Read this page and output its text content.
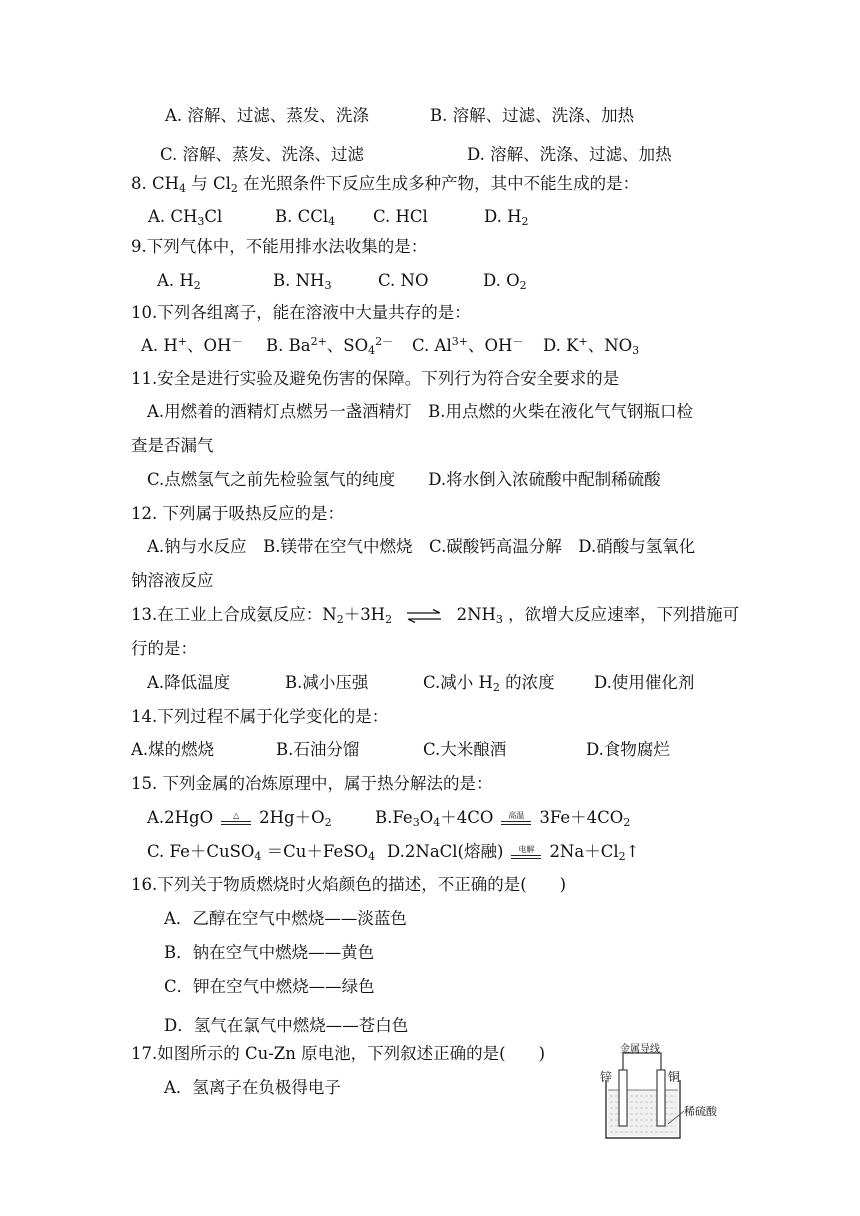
A. 溶解、过滤、蒸发、洗涤	B. 溶解、过滤、洗涤、加热
C. 溶解、蒸发、洗涤、过滤	D. 溶解、洗涤、过滤、加热
8. $CH_4$ 与 $Cl_2$ 在光照条件下反应生成多种产物，其中不能生成的是：
A. $CH_3Cl$	B. CCl$_4$ C. HCl	D. $H_2$
9.下列气体中，不能用排水法收集的是：
A. $H_2$	B. $NH_3$	C. NO	D. $O_2$
10.下列各组离子，能在溶液中大量共存的是：
A. H+、OH－ B. $Ba^{2+}$、$SO_4^{2-}$ C. $Al^{3+}$、OH－ D. K+、$NO_3$
11.安全是进行实验及避免伤害的保障。下列行为符合安全要求的是
A.用燃着的酒精灯点燃另一盏酒精灯　B.用点燃的火柴在液化气气钢瓶口检
查是否漏气
C.点燃氢气之前先检验氢气的纯度　　D.将水倒入浓硫酸中配制稀硫酸
12. 下列属于吸热反应的是：
A.钠与水反应　B.镁带在空气中燃烧　C.碳酸钙高温分解　D.硝酸与氢氧化
钠溶液反应
13.在工业上合成氨反应：$N_2+3H_2$ ⇌ $2NH_3$ ，欲增大反应速率，下列措施可
行的是：
A.降低温度	B.减小压强	C.减小 $H_2$ 的浓度 D.使用催化剂
14.下列过程不属于化学变化的是：
A.煤的燃烧	B.石油分馏	C.大米酿酒	D.食物腐烂
15. 下列金属的冶炼原理中，属于热分解法的是：
A.2HgO	△	$2Hg+O_2$	$B.Fe_3O_4+4CO$	高温 $3Fe+4CO_2$
C. Fe＋CuSO$_4$ ＝Cu＋FeSO$_4$ D.2NaCl(熔融)	电解 $2Na+Cl_2↑$
16.下列关于物质燃烧时火焰颜色的描述，不正确的是(　　)
A．乙醇在空气中燃烧——淡蓝色
B．钠在空气中燃烧——黄色
C．钾在空气中燃烧——绿色
D．氢气在氯气中燃烧——苍白色
17.如图所示的 Cu-Zn 原电池，下列叙述正确的是(　　)
A．氢离子在负极得电子
金属导线
锌	铜
稀硫酸
